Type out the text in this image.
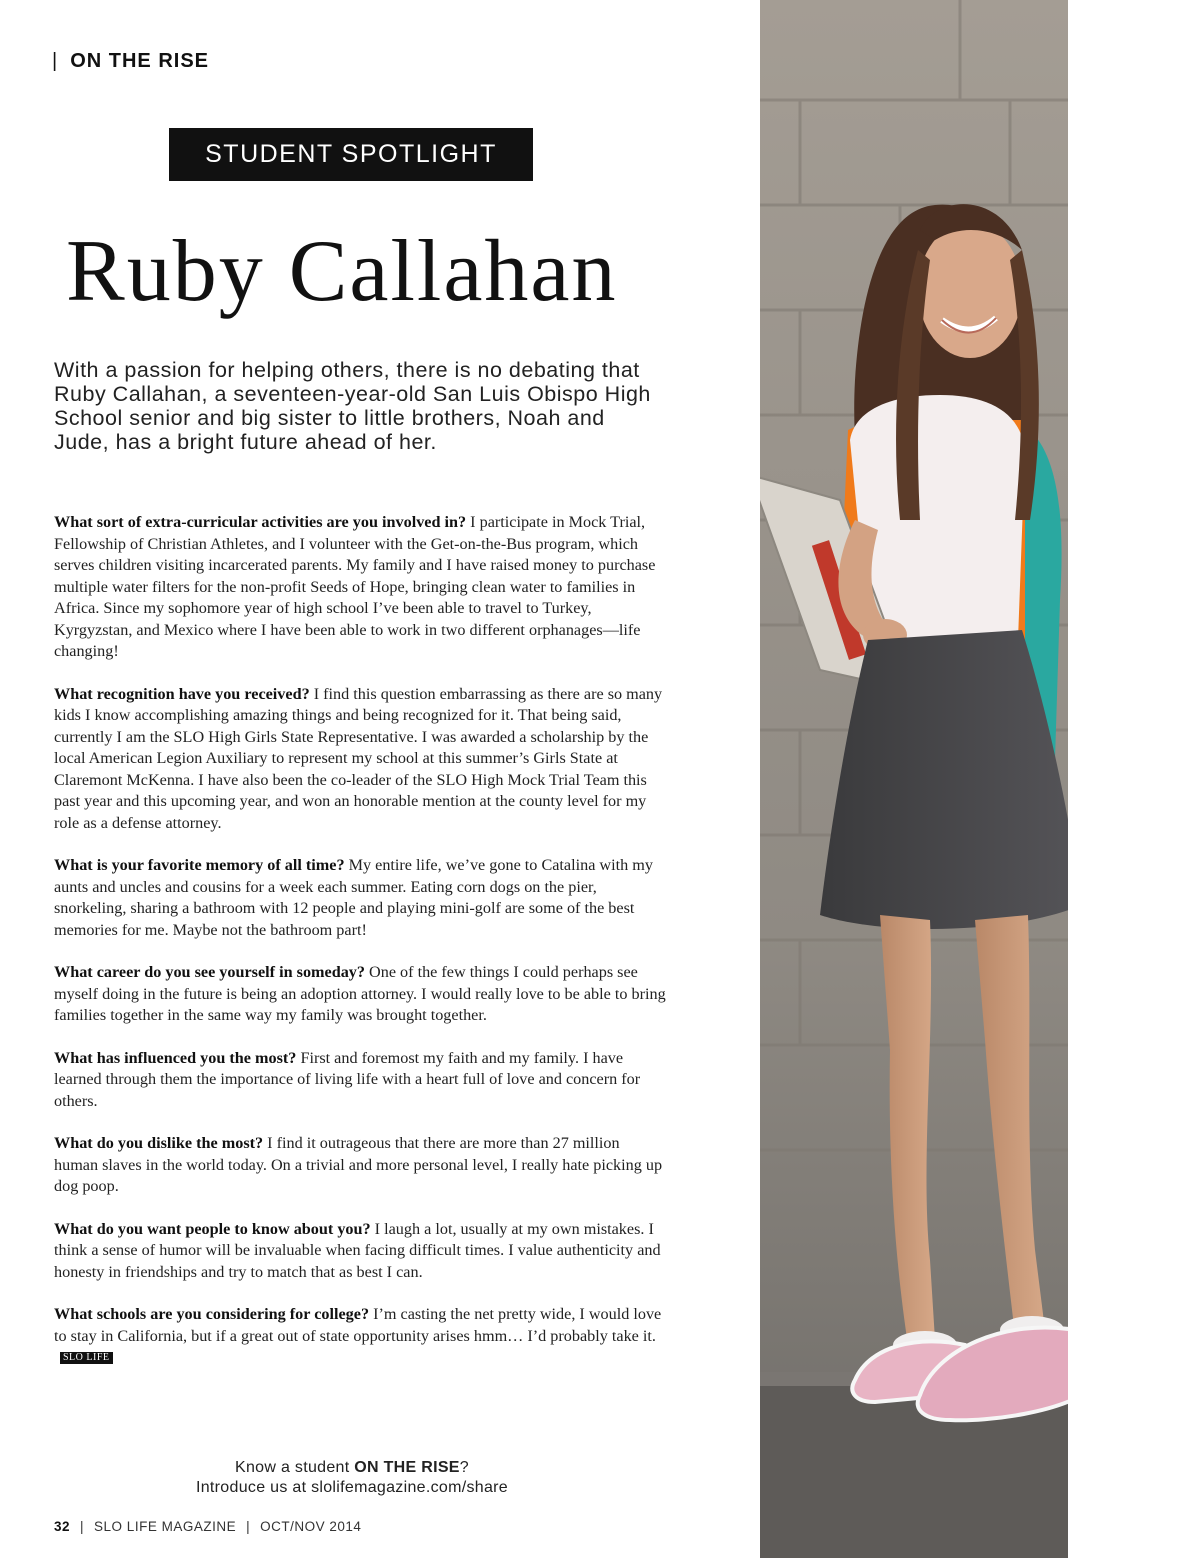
| ON THE RISE
STUDENT SPOTLIGHT
Ruby Callahan

With a passion for helping others, there is no debating that Ruby Callahan, a seventeen-year-old San Luis Obispo High School senior and big sister to little brothers, Noah and Jude, has a bright future ahead of her.

What sort of extra-curricular activities are you involved in? I participate in Mock Trial, Fellowship of Christian Athletes, and I volunteer with the Get-on-the-Bus program, which serves children visiting incarcerated parents. My family and I have raised money to purchase multiple water filters for the non-profit Seeds of Hope, bringing clean water to families in Africa. Since my sophomore year of high school I’ve been able to travel to Turkey, Kyrgyzstan, and Mexico where I have been able to work in two different orphanages—life changing!

What recognition have you received? I find this question embarrassing as there are so many kids I know accomplishing amazing things and being recognized for it. That being said, currently I am the SLO High Girls State Representative. I was awarded a scholarship by the local American Legion Auxiliary to represent my school at this summer’s Girls State at Claremont McKenna. I have also been the co-leader of the SLO High Mock Trial Team this past year and this upcoming year, and won an honorable mention at the county level for my role as a defense attorney.

What is your favorite memory of all time? My entire life, we’ve gone to Catalina with my aunts and uncles and cousins for a week each summer. Eating corn dogs on the pier, snorkeling, sharing a bathroom with 12 people and playing mini-golf are some of the best memories for me. Maybe not the bathroom part!

What career do you see yourself in someday? One of the few things I could perhaps see myself doing in the future is being an adoption attorney. I would really love to be able to bring families together in the same way my family was brought together.

What has influenced you the most? First and foremost my faith and my family. I have learned through them the importance of living life with a heart full of love and concern for others.

What do you dislike the most? I find it outrageous that there are more than 27 million human slaves in the world today. On a trivial and more personal level, I really hate picking up dog poop.

What do you want people to know about you? I laugh a lot, usually at my own mistakes. I think a sense of humor will be invaluable when facing difficult times. I value authenticity and honesty in friendships and try to match that as best I can.

What schools are you considering for college? I’m casting the net pretty wide, I would love to stay in California, but if a great out of state opportunity arises hmm… I’d probably take it.SLO LIFE

Know a student ON THE RISE?
Introduce us at slolifemagazine.com/share
32 | SLO LIFE MAGAZINE | OCT/NOV 2014
